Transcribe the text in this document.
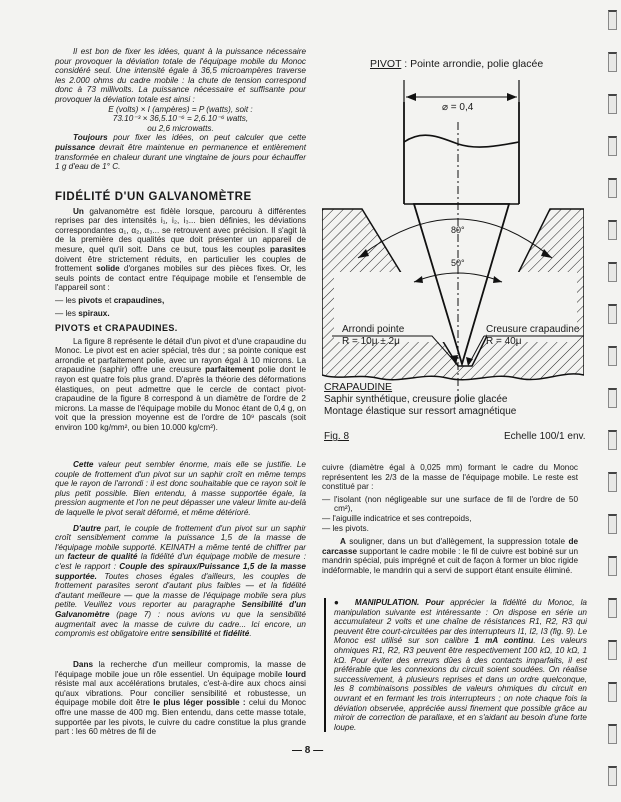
Il est bon de fixer les idées, quant à la puissance nécessaire pour provoquer la déviation totale de l'équipage mobile du Monoc considéré seul. Une intensité égale à 36,5 microampères traverse les 2.000 ohms du cadre mobile : la chute de tension correspond donc à 73 millivolts. La puissance nécessaire et suffisante pour provoquer la déviation totale est ainsi :

E (volts) × I (ampères) = P (watts), soit :

73.10⁻³ × 36,5.10⁻⁶ = 2,6.10⁻⁶ watts,

ou 2,6 microwatts.

Toujours pour fixer les idées, on peut calculer que cette puissance devrait être maintenue en permanence et entièrement transformée en chaleur durant une vingtaine de jours pour échauffer 1 g d'eau de 1° C.

FIDÉLITÉ D'UN GALVANOMÈTRE

Un galvanomètre est fidèle lorsque, parcouru à différentes reprises par des intensités i₁, i₂, i₃... bien définies, les déviations correspondantes α₁, α₂, α₃... se retrouvent avec précision. Il s'agit là de la première des qualités que doit présenter un appareil de mesure, quel qu'il soit. Dans ce but, tous les couples parasites doivent être strictement réduits, en particulier les couples de frottement solide d'organes mobiles sur des pièces fixes. Or, les seuls points de contact entre l'équipage mobile et l'ensemble de l'appareil sont :

— les pivots et crapaudines,

— les spiraux.

PIVOTS et CRAPAUDINES.

La figure 8 représente le détail d'un pivot et d'une crapaudine du Monoc. Le pivot est en acier spécial, très dur ; sa pointe conique est arrondie et parfaitement polie, avec un rayon égal à 10 microns. La crapaudine (saphir) offre une creusure parfaitement polie dont le rayon est quatre fois plus grand. D'après la théorie des déformations élastiques, on peut admettre que le cercle de contact pivot-crapaudine de la figure 8 correspond à un diamètre de l'ordre de 2 microns. La masse de l'équipage mobile du Monoc étant de 0,4 g, on voit que la pression moyenne est de l'ordre de 10⁹ pascals (soit environ 100 kg/mm², ou bien 10.000 kg/cm²).

Cette valeur peut sembler énorme, mais elle se justifie. Le couple de frottement d'un pivot sur un saphir croît en même temps que le rayon de l'arrondi : il est donc souhaitable que ce rayon soit le plus petit possible. Bien entendu, à masse supportée égale, la pression augmente et l'on ne peut dépasser une valeur limite au-delà de laquelle le pivot serait déformé, et même détérioré.

D'autre part, le couple de frottement d'un pivot sur un saphir croît sensiblement comme la puissance 1,5 de la masse de l'équipage mobile supporté. KEINATH a même tenté de chiffrer par un facteur de qualité la fidélité d'un équipage mobile de mesure : c'est le rapport : Couple des spiraux/Puissance 1,5 de la masse supportée. Toutes choses égales d'ailleurs, les couples de frottement parasites seront d'autant plus faibles — et la fidélité d'autant meilleure — que la masse de l'équipage mobile sera plus petite. Veuillez vous reporter au paragraphe Sensibilité d'un Galvanomètre (page 7) : nous avions vu que la sensibilité augmentait avec la masse de cuivre du cadre... Ici encore, un compromis est obligatoire entre sensibilité et fidélité.

Dans la recherche d'un meilleur compromis, la masse de l'équipage mobile joue un rôle essentiel. Un équipage mobile lourd résiste mal aux accélérations brutales, c'est-à-dire aux chocs ainsi qu'aux vibrations. Pour concilier sensibilité et robustesse, un équipage mobile doit être le plus léger possible : celui du Monoc offre une masse de 400 mg. Bien entendu, dans cette masse totale, supportée par les pivots, le cuivre du cadre constitue la plus grande part : les 60 mètres de fil de

PIVOT : Pointe arrondie, polie glacée
⌀ = 0,4
80°
50°
Arrondi pointe
R = 10μ ± 2μ
Creusure crapaudine
R = 40μ
CRAPAUDINE
Saphir synthétique, creusure polie glacée
Montage élastique sur ressort amagnétique
Fig. 8	Echelle 100/1 env.

cuivre (diamètre égal à 0,025 mm) formant le cadre du Monoc représentent les 2/3 de la masse de l'équipage mobile. Le reste est constitué par :

— l'isolant (non négligeable sur une surface de fil de l'ordre de 50 cm²),

— l'aiguille indicatrice et ses contrepoids,

— les pivots.

A souligner, dans un but d'allègement, la suppression totale de carcasse supportant le cadre mobile : le fil de cuivre est bobiné sur un mandrin spécial, puis imprégné et cuit de façon à former un bloc rigide indéformable, le mandrin qui a servi de support étant ensuite éliminé.

● MANIPULATION. Pour apprécier la fidélité du Monoc, la manipulation suivante est intéressante : On dispose en série un accumulateur 2 volts et une chaîne de résistances R1, R2, R3 qui peuvent être court-circuitées par des interrupteurs I1, I2, I3 (fig. 9). Le Monoc est utilisé sur son calibre 1 mA continu. Les valeurs ohmiques R1, R2, R3 peuvent être respectivement 100 kΩ, 10 kΩ, 1 kΩ. Pour éviter des erreurs dûes à des contacts imparfaits, il est préférable que les connexions du circuit soient soudées. On réalise successivement, à plusieurs reprises et dans un ordre quelconque, les 8 combinaisons possibles de valeurs ohmiques du circuit en ouvrant et en fermant les trois interrupteurs ; on note chaque fois la déviation observée, appréciée aussi finement que possible grâce au miroir de correction de parallaxe, et en s'aidant au besoin d'une forte loupe.

— 8 —
